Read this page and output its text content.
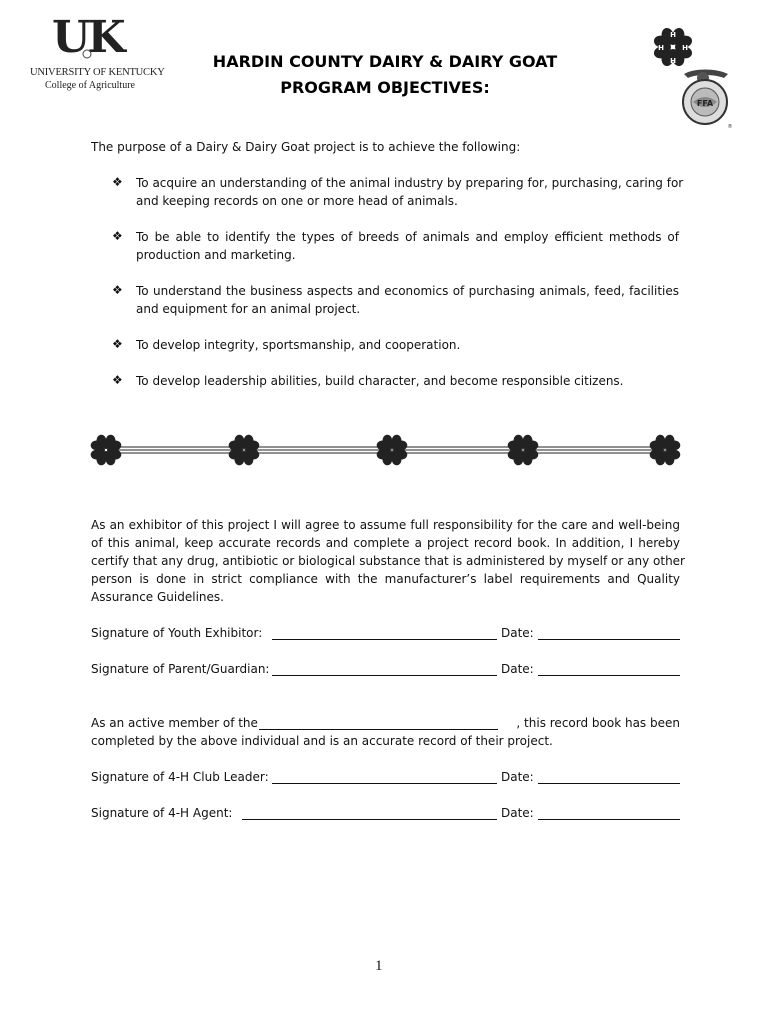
UK
UNIVERSITY OF KENTUCKY
College of Agriculture
HARDIN COUNTY DAIRY & DAIRY GOAT
PROGRAM OBJECTIVES:
H
H
H
H
FFA
®
The purpose of a Dairy & Dairy Goat project is to achieve the following:
❖ To acquire an understanding of the animal industry by preparing for, purchasing, caring for
and keeping records on one or more head of animals.
❖ To be able to identify the types of breeds of animals and employ efficient methods of
production and marketing.
❖ To understand the business aspects and economics of purchasing animals, feed, facilities
and equipment for an animal project.
❖ To develop integrity, sportsmanship, and cooperation.
❖ To develop leadership abilities, build character, and become responsible citizens.
As an exhibitor of this project I will agree to assume full responsibility for the care and well-being
of this animal, keep accurate records and complete a project record book. In addition, I hereby
certify that any drug, antibiotic or biological substance that is administered by myself or any other
person is done in strict compliance with the manufacturer’s label requirements and Quality
Assurance Guidelines.
Signature of Youth Exhibitor:	Date:
Signature of Parent/Guardian:	Date:
As an active member of the	, this record book has been
completed by the above individual and is an accurate record of their project.
Signature of 4-H Club Leader:	Date:
Signature of 4-H Agent:	Date:
1
